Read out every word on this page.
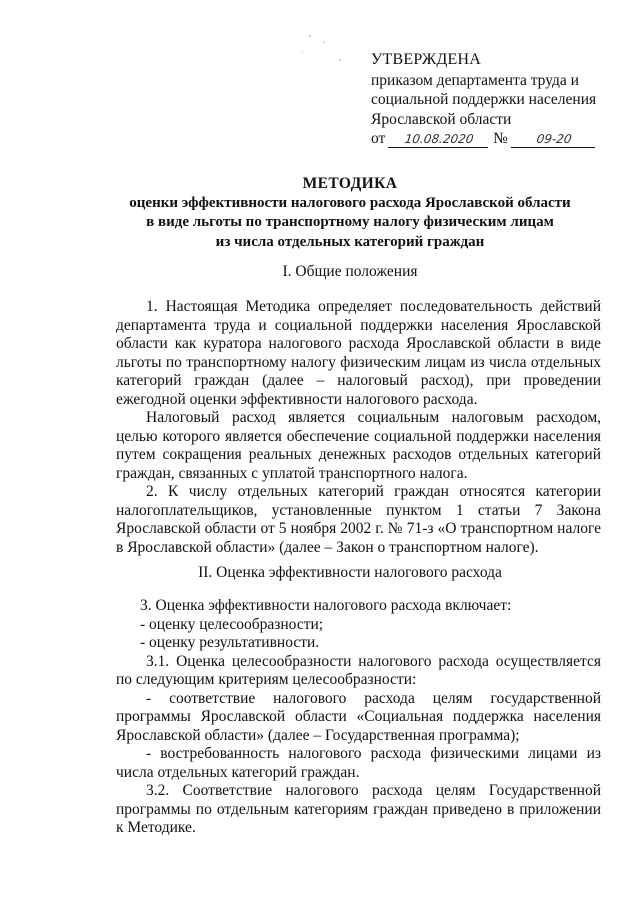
УТВЕРЖДЕНА
приказом департамента труда и
социальной поддержки населения
Ярославской области
от 10.08.2020 № 09-20
МЕТОДИКА
оценки эффективности налогового расхода Ярославской области
в виде льготы по транспортному налогу физическим лицам
из числа отдельных категорий граждан
I. Общие положения

1. Настоящая Методика определяет последовательность действий департамента труда и социальной поддержки населения Ярославской области как куратора налогового расхода Ярославской области в виде льготы по транспортному налогу физическим лицам из числа отдельных категорий граждан (далее – налоговый расход), при проведении ежегодной оценки эффективности налогового расхода.

Налоговый расход является социальным налоговым расходом, целью которого является обеспечение социальной поддержки населения путем сокращения реальных денежных расходов отдельных категорий граждан, связанных с уплатой транспортного налога.

2. К числу отдельных категорий граждан относятся категории налогоплательщиков, установленные пунктом 1 статьи 7 Закона Ярославской области от 5 ноября 2002 г. № 71-з «О транспортном налоге в Ярославской области» (далее – Закон о транспортном налоге).

II. Оценка эффективности налогового расхода

3. Оценка эффективности налогового расхода включает:

- оценку целесообразности;

- оценку результативности.

3.1. Оценка целесообразности налогового расхода осуществляется по следующим критериям целесообразности:

- соответствие налогового расхода целям государственной программы Ярославской области «Социальная поддержка населения Ярославской области» (далее – Государственная программа);

- востребованность налогового расхода физическими лицами из числа отдельных категорий граждан.

3.2. Соответствие налогового расхода целям Государственной программы по отдельным категориям граждан приведено в приложении к Методике.
